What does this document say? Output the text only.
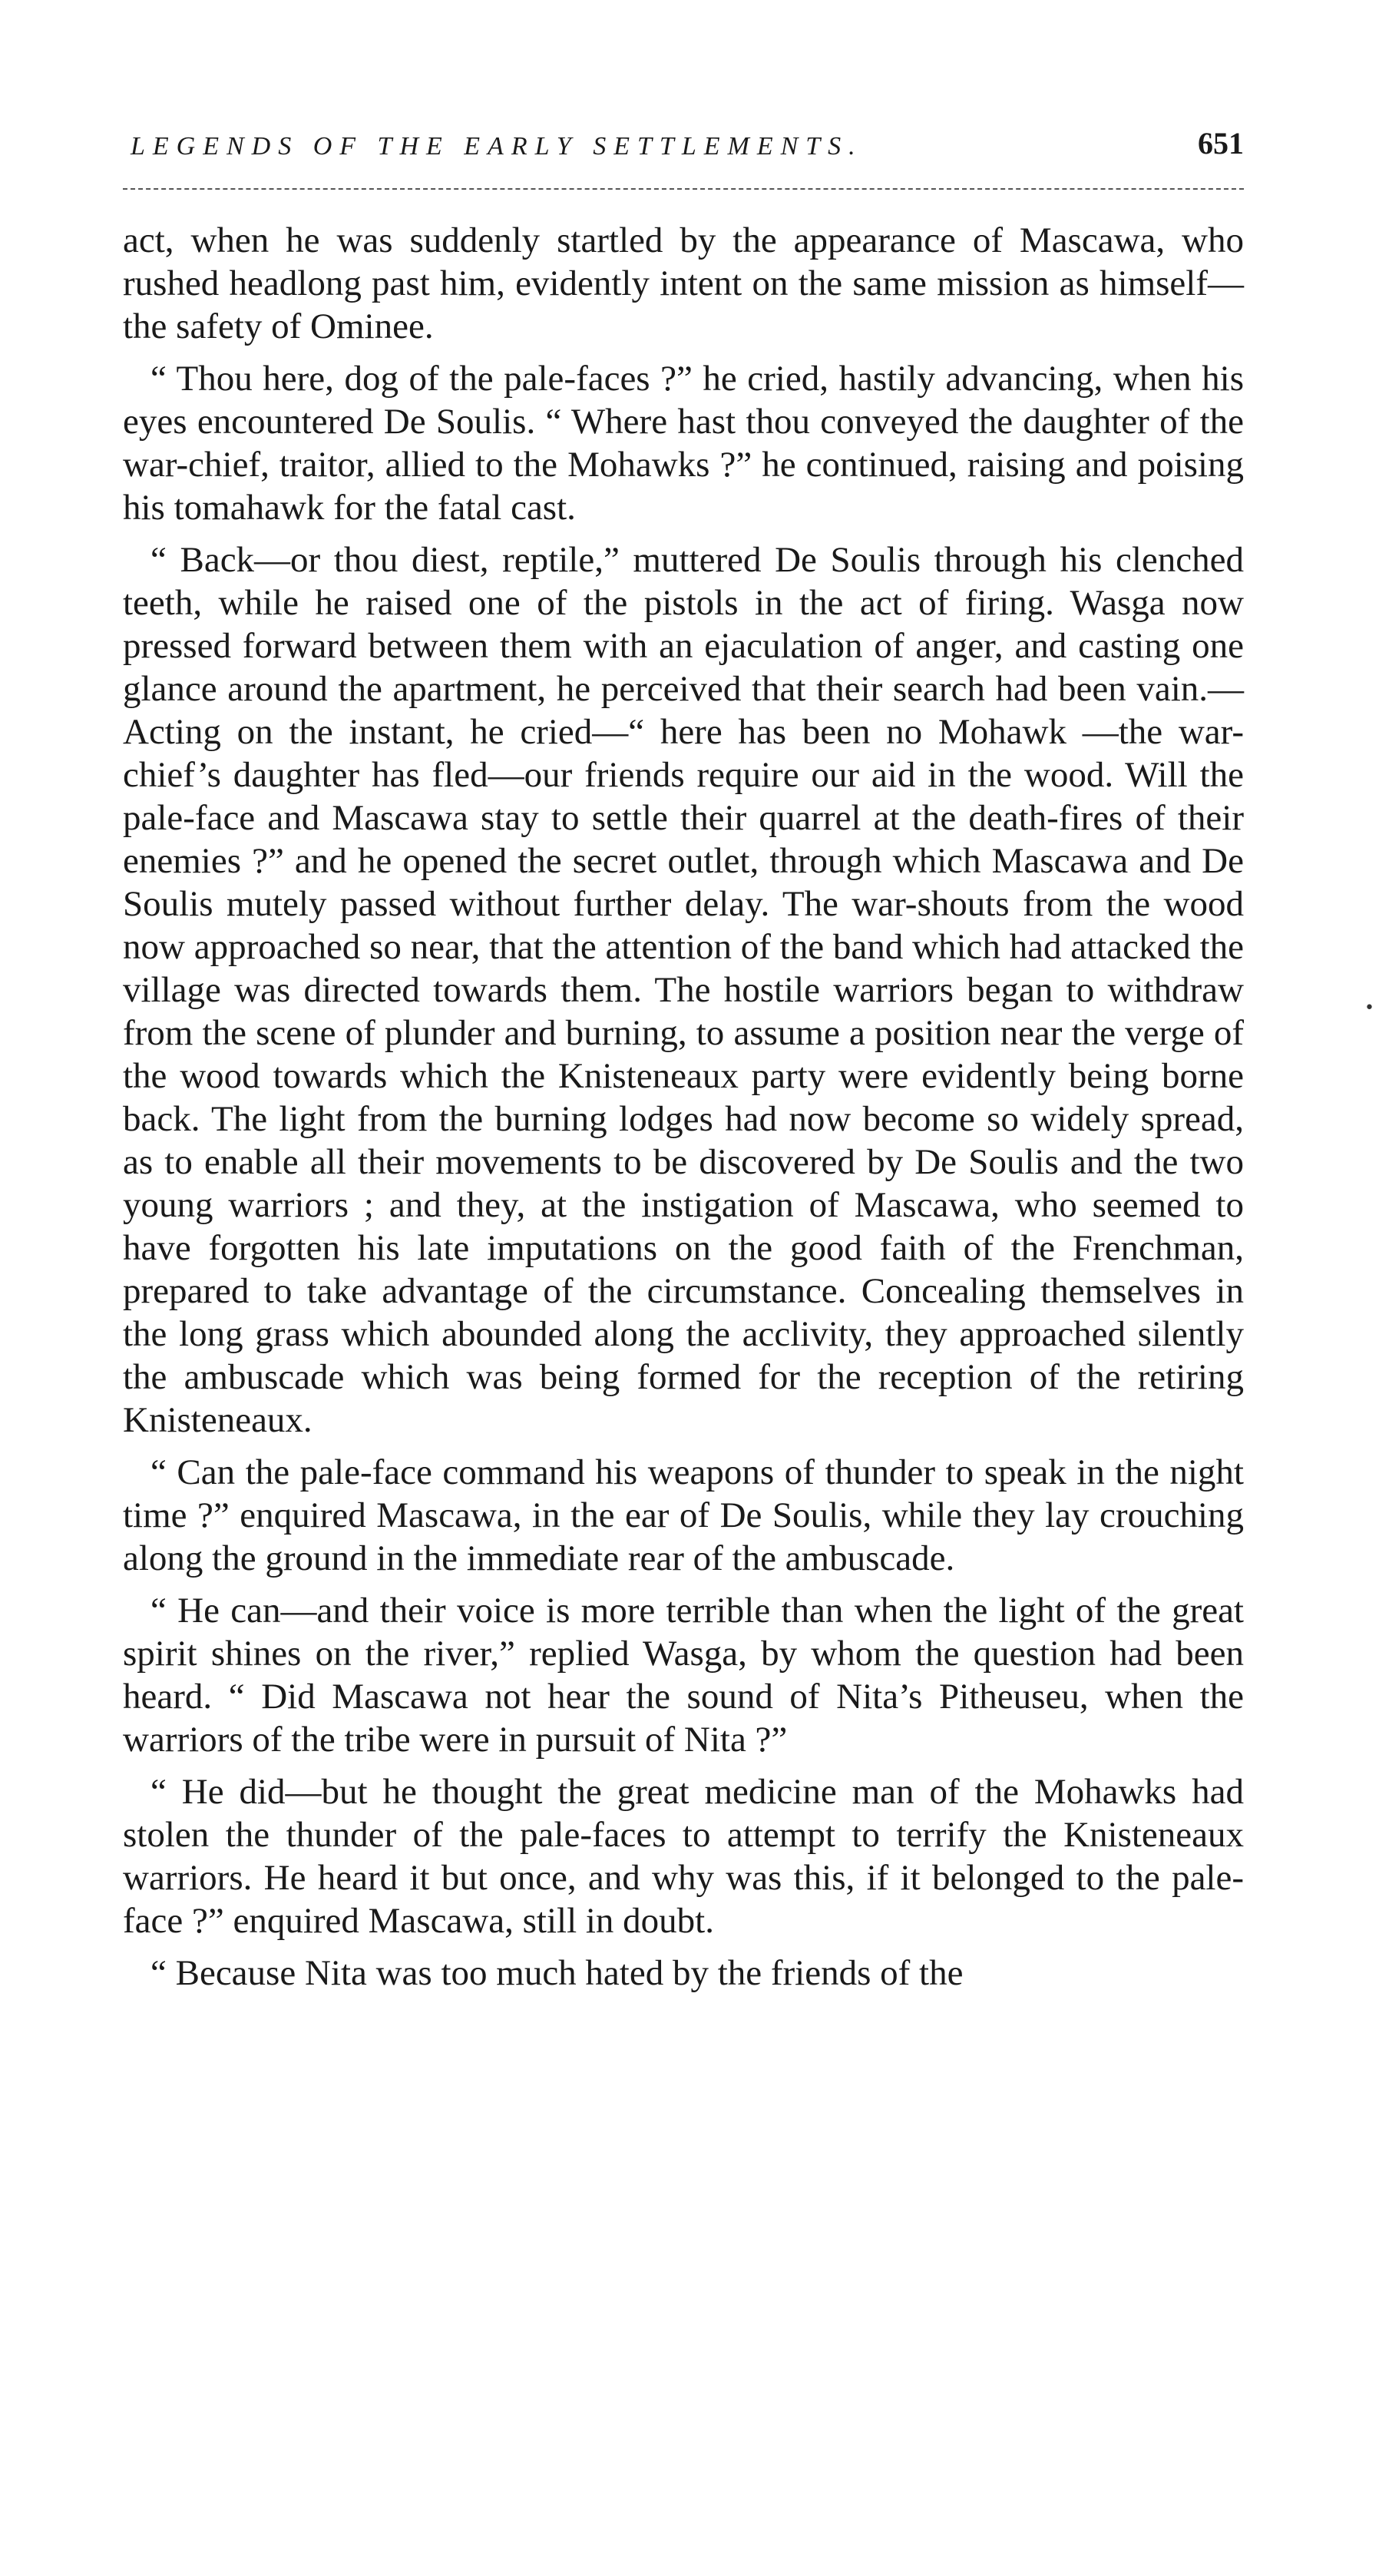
LEGENDS OF THE EARLY SETTLEMENTS.	651

act, when he was suddenly startled by the appearance of Mascawa, who rushed headlong past him, evidently intent on the same mission as himself—the safety of Ominee.

“ Thou here, dog of the pale-faces ?” he cried, hastily advancing, when his eyes encountered De Soulis. “ Where hast thou conveyed the daughter of the war-chief, traitor, allied to the Mohawks ?” he continued, raising and poising his tomahawk for the fatal cast.

“ Back—or thou diest, reptile,” muttered De Soulis through his clenched teeth, while he raised one of the pistols in the act of firing. Wasga now pressed forward between them with an ejaculation of anger, and casting one glance around the apartment, he perceived that their search had been vain.—Acting on the instant, he cried—“ here has been no Mohawk —the war-chief’s daughter has fled—our friends require our aid in the wood. Will the pale-face and Mascawa stay to settle their quarrel at the death-fires of their enemies ?” and he opened the secret outlet, through which Mascawa and De Soulis mutely passed without further delay. The war-shouts from the wood now approached so near, that the attention of the band which had attacked the village was directed towards them. The hostile warriors began to withdraw from the scene of plunder and burning, to assume a position near the verge of the wood towards which the Knisteneaux party were evidently being borne back. The light from the burning lodges had now become so widely spread, as to enable all their movements to be discovered by De Soulis and the two young warriors ; and they, at the instigation of Mascawa, who seemed to have forgotten his late imputations on the good faith of the Frenchman, prepared to take advantage of the circumstance. Concealing themselves in the long grass which abounded along the acclivity, they approached silently the ambuscade which was being formed for the reception of the retiring Knisteneaux.

“ Can the pale-face command his weapons of thunder to speak in the night time ?” enquired Mascawa, in the ear of De Soulis, while they lay crouching along the ground in the immediate rear of the ambuscade.

“ He can—and their voice is more terrible than when the light of the great spirit shines on the river,” replied Wasga, by whom the question had been heard. “ Did Mascawa not hear the sound of Nita’s Pitheuseu, when the warriors of the tribe were in pursuit of Nita ?”

“ He did—but he thought the great medicine man of the Mohawks had stolen the thunder of the pale-faces to attempt to terrify the Knisteneaux warriors. He heard it but once, and why was this, if it belonged to the pale-face ?” enquired Mascawa, still in doubt.

“ Because Nita was too much hated by the friends of the

•
